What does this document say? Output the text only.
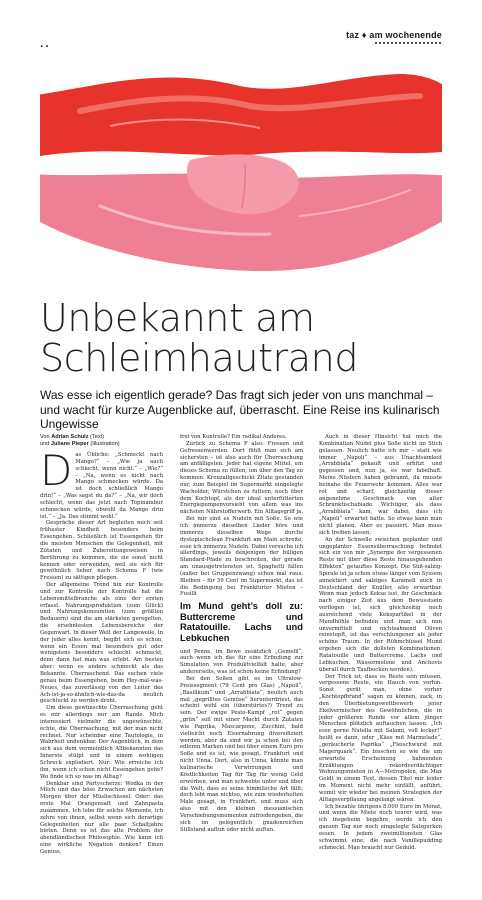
..
taz ♦ am wochenende
Unbekannt am
Schleimhautrand

Was esse ich eigentlich gerade? Das fragt sich jeder von uns manchmal – und wacht für kurze Augenblicke auf, überrascht. Eine Reise ins kulinarisch Ungewisse

Von Adrian Schulz (Text)
und Juliane Pieper (Illustration)
D as Übliche: „Schmeckt nach Mango?“ – „Wie ja auch schlecht, wenn nicht.“ – „Wie?“ – „Na, wenn es nicht nach Mango schmecken würde. Da ist doch schließlich Mango drin!“ – „Was sagst du da?“ – „Na, wir doch schlecht, wenn das jetzt nach Topinambur schmecken würde, obwohl da Mango drin ist.“ – „Ja. Das stimmt wohl.“

Gespräche dieser Art begleiten mich seit frühester Kindheit besonders beim Essengehen. Schließlich ist Essengehen für die meisten Menschen die Gelegenheit, mit Zutaten und Zubereitungsweisen in Berührung zu kommen, die sie sonst nicht kennen oder verwenden, weil sie sich für gewöhnlich lieber nach Schema F (wie Fressen) zu sättigen pflegen.

Der allgemeine Trend hin zur Kontrolle und zur Kontrolle der Kontrolle hat die Lebensmittelbranche als eine der ersten erfasst. Nahrungsproduktion (zum Glück) und Nahrungskonsumtion (zum größten Bedauern) sind die am stärksten geregelten, die ersehntesten Lebensbereiche der Gegenwart. In dieser Welt der Langeweile, in der jeder alles kennt, begibt sich es schon, wenn ein Essen mal besonders gut oder wenigstens besonders schlecht schmeckt, denn dann hat man was erlebt. Am besten aber: wenn es anders schmeckt als das Bekannte. Überraschend. Das suchen viele genau beim Essengehen, beim Hey-mal-was-Neues, das zuverlässig von der Leiter des Ach-ist-ja-so-ähnlich-wie-das-da neulich geschluckt zu werden droht.

Um diese gewünschte Überraschung geht es mir allerdings nur am Rande. Mich interessiert vielmehr die ungewünschte, echte, die Überraschung, mit der man nicht rechnet. Nur scheinbar eine Tautologie, in Wahrheit undenkbar. Der Augenblick, in dem sich aus dem vermeintlich Altbekannten das Innerste stülpt und in einem wohligen Schreck explodiert. Nur: Wie erreiche ich ihn, wenn ich schon nicht Essengehen gehe? Wo finde ich so was im Alltag?

Denkbar sind Partyscherze: Wodka in der Milch und das böse Erwachen am nächsten Morgen über der Müslischüssel. Oder: das erste Mal Orangensaft und Zahnpasta zusammen. Ich lebe für solche Momente, ich zehre von ihnen, selbst wenn sich derartige Gelegenheiten nur alle paar Schaltjahre bieten. Denn es ist das alte Problem der abendländischen Philosophie. Wie kann ich eine wirkliche Negation denken? Einen Genuss,

frei von Kontrolle? Ein radikal Anderes.

Zurück zu Schema F also: Fressen und Gefressenwerden. Dort fühlt man sich am sichersten – ist also auch für Überraschung am anfälligsten. Jeder hat eigene Mittel, um dieses Schema zu füllen, um über den Tag zu kommen. Kreuzallgeschickt Zitate gestanden nur, zum Beispiel im Supermarkt eingelegte Wacholder, Würstchen zu futtern, noch über dem Kochtopf, als der ideal unterfütterten Energiepumpenvorsieht von allem was ins nächsten Nährstofferwerb. Ein Alltagsgriff ja.

Bei mir sind es Nudeln mit Soße. So wie ich immerzu dieselben Lieder höre und immerzu dieselben Wege durchs dystopischclean Frankfurt am Main schreite, esse ich immerzu Nudeln. Dabei versuche ich allerdings, jeweils denjenigen der billigen Standard-Pfade zu beschreiten, der gerade am unausgetretensten ist. Spaghetti fallen (außer bei Gruppenzwang) schon mal raus. Bleiben – für 59 Cent im Supermarkt, das ist die Bedingung bei Frankfurter Mieten – Fusilli

Im Mund geht’s doll zu: Buttercreme und Ratatouille. Lachs und Lebkuchen

und Penne, im Bewe zusätzlich „Gemelli“, auch wenn ich das für eine Erfindung zur Simulation von Produktvielfalt halte, aber andererseits, was ist schon keine Erfindung?

Bei den Soßen gibt es im Ultralow-Preissegment (79 Cent pro Glas) „Napoli“, „Basilikum“ und „Arrabbiata“, neulich auch mal „gegrilltes Gemüse“ herunterdriest, das scheint wohl ein (überstürtes?) Trend zu sein. Der ewige Pesto-Kampf „rot“ gegen „grün“ soll mit einer Macht durch Zutaten wie Paprika, Mascarpone, Zucchini, bald vielleicht noch Eisernahrung diversifiziert werden, aber da sind wir ja schon bei den edleren Marken und bei über einem Euro pro Soße und es ist, wie gesagt, Frankfurt und nicht Unna. Dort, also in Unna, könnte man kulinarische Verwirrungen und Köstlichkeiten Tag für Tag für wenig Geld erwerben, und man schwebte unter und über die Welt, dass es seine himmlische Art fällt; doch lebt man nichtso, wie zum wiederholten Male gesagt, in Frankfurt, und muss sich also mit den kleinen messianischen Verschiebungsmomenten zufriedengeben, die sich im gelegentlich gnadenreichen Stillstand auftun oder nicht auftun.

Auch in dieser Hinsicht hat mich die Kombination Nudel plus Soße nicht im Stich gelassen. Neulich hatte ich mir – statt wie immer „Napoli“ – aus Unachtsamkeit „Arrabbiata“ gekauft und erhitzt und gegessen und, nun ja, es war fabelhaft. Meine Nüstern haben gebrannt, da musste beinahe die Feuerwehr kommen. Alles war rot und scharf, gleichzeitig dieser angenehme Geschmack von alter Schranktischablade. Wichtiger, als dass „Arrabbiata“ kam, war dabei, dass ich „Napoli“ erwartet hatte. So etwas kann man nicht planen. Aber es passiert. Man muss sich treiben lassen.

An der Schwelle zwischen geplanter und ungeplanter Essensüberraschung befindet sich ein von mir „Synergie der vergessenen Reste mit über diese Reste hinausgehenden Effekten“ getauftes Konzept. Die Süß-salzig-Spirale ist ja schon etwas länger vom Syssem annektiert und salziges Karamell auch in Deutschland der Knüller, also erwartbar. Wenn man jedoch Kekse isst, ihr Geschmack nach einiger Zeit aus dem Bewusstsein verflogen ist, sich gleichzeitig noch ausreichend viele Kekspartikel in der Mundhöhle befinden und man sich nun unvermittelt und nichtsahnend Oliven reinstopft, ist das verschlungener als jeder schöne Traum. In der Rühmchüssel Mund ergeben sich die dollsten Kombinationen. Ratatouille und Buttercreme. Lachs und Lebkuchen. Wassermelone und Anchovis überall durch Taufbecken werden).

Der Trick ist, dass es Reste sein müssen, vergessene Reste, ein Hauch von vorhin. Sonst gerät man, ohne vorher „Kochtopfbrand“ sagen zu können, zack, in den Überbietungswettbewerb jener Ekelvermischer des Gewöhnlichen, die in jeder größeren Runde vor allem jünger Menschen plötzlich auftauchen lassen. „Ich esse gerne Nutella mit Salami, voll lecker!“ heißt es dann, oder „Käse mit Marmelade“, „geräucherte Paprika“ „Fleischwurst mit Magerquark“. Ein bisschen so wie die um erwartete Erscheinung bahnenden Erzählungen rekordverdächtiger Wohnungsmieten in A—Metropolen, die Max Goldt in einem Text, dessen Titel mir leider im Moment nicht mehr einfällt, anführt, womit wir wieder bei meinen Strategien der Alltagsverpflaung angelangt wären.

Ich bezahle übrigens 8.000 Euro im Monat, und wenn die Miete noch teurer wird, was ich insgeheim begehre, werde ich den ganzen Tag nur noch eingelegte Salzgurken essen. In jedem zweimillionsten Glas schwimmt eine, die nach Vanillepudding schmeckt. Man braucht nur Geduld.
